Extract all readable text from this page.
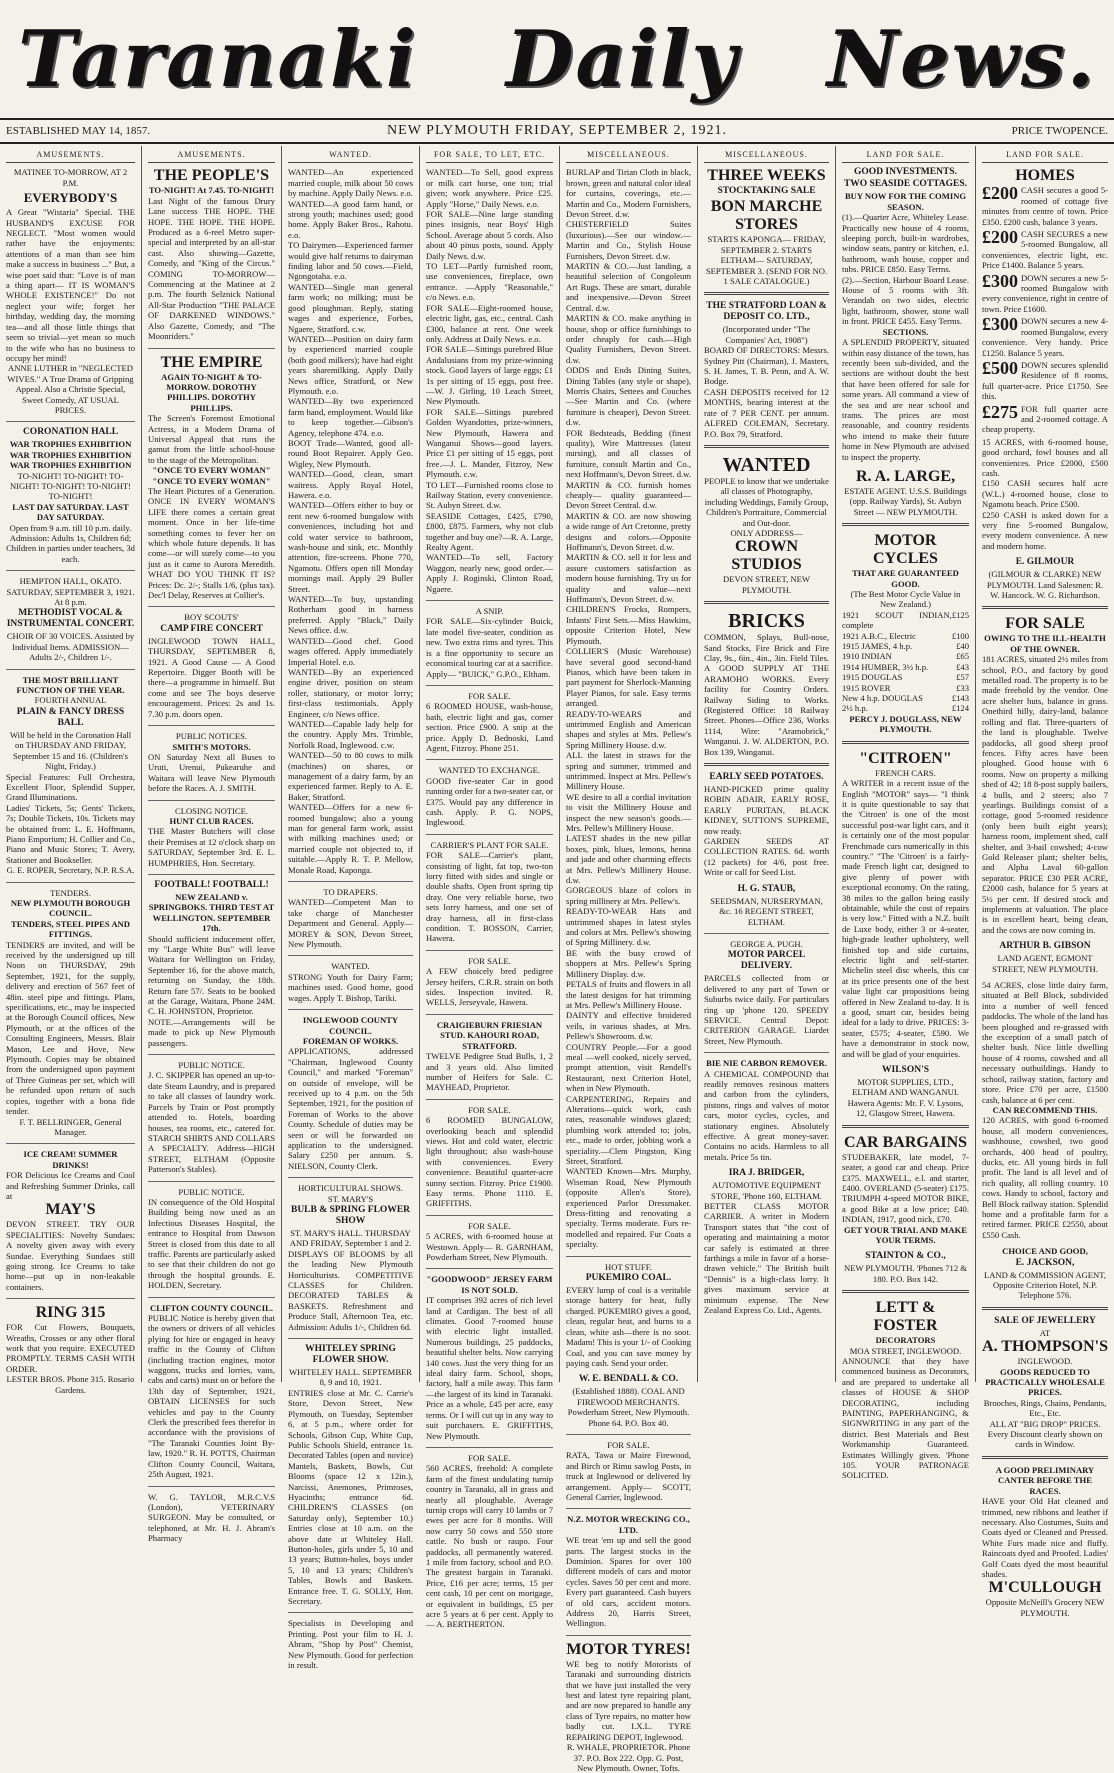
Taranaki Daily News.
ESTABLISHED MAY 14, 1857.	NEW PLYMOUTH FRIDAY, SEPTEMBER 2, 1921.	PRICE TWOPENCE.
AMUSEMENTS.
MATINEE TO-MORROW, AT 2 P.M.
EVERYBODY'S
A Great "Wistaria" Special. THE HUSBAND'S EXCUSE FOR NEGLECT. "Most women would rather have the enjoyments: attentions of a man than see him make a success in business ..." But, a wise poet said that: "Love is of man a thing apart— IT IS WOMAN'S WHOLE EXISTENCE!" Do not neglect your wife; forget her birthday, wedding day, the morning tea—and all those little things that seem so trivial—yet mean so much to the wife who has no business to occupy her mind!
ANNE LUTHER in "NEGLECTED WIVES." A True Drama of Gripping Appeal. Also a Christie Special, Sweet Comedy, AT USUAL PRICES.
CORONATION HALL
WAR TROPHIES EXHIBITION
WAR TROPHIES EXHIBITION
WAR TROPHIES EXHIBITION
TO-NIGHT! TO-NIGHT! TO-NIGHT! TO-NIGHT! TO-NIGHT! TO-NIGHT!
LAST DAY SATURDAY. LAST DAY SATURDAY.
Open from 9 a.m. till 10 p.m. daily. Admission: Adults 1s, Children 6d; Children in parties under teachers, 3d each.
HEMPTON HALL, OKATO. SATURDAY, SEPTEMBER 3, 1921. At 8 p.m.
METHODIST VOCAL & INSTRUMENTAL CONCERT.
CHOIR OF 30 VOICES. Assisted by Individual Items. ADMISSION—Adults 2/-, Children 1/-.
THE MOST BRILLIANT FUNCTION OF THE YEAR.
FOURTH ANNUAL
PLAIN & FANCY DRESS BALL
Will be held in the Coronation Hall on THURSDAY AND FRIDAY, September 15 and 16. (Children's Night, Friday.)
Special Features: Full Orchestra, Excellent Floor, Splendid Supper, Grand Illuminations.
Ladies' Tickets, 5s; Gents' Tickets, 7s; Double Tickets, 10s. Tickets may be obtained from: L. E. Hoffmann, Piano Emporium; H. Collier and Co., Piano and Music Stores; T. Avery, Stationer and Bookseller.
G. E. ROPER, Secretary, N.P. R.S.A.
TENDERS.
NEW PLYMOUTH BOROUGH COUNCIL.
TENDERS, STEEL PIPES AND FITTINGS.
TENDERS are invited, and will be received by the undersigned up till Noon on THURSDAY, 29th September, 1921, for the supply, delivery and erection of 567 feet of 48in. steel pipe and fittings. Plans, specifications, etc., may be inspected at the Borough Council offices, New Plymouth, or at the offices of the Consulting Engineers, Messrs. Blair Mason, Lee and Hove, New Plymouth. Copies may be obtained from the undersigned upon payment of Three Guineas per set, which will be refunded upon return of such copies, together with a bona fide tender.
F. T. BELLRINGER, General Manager.
ICE CREAM! SUMMER DRINKS!
FOR Delicious Ice Creams and Cool and Refreshing Summer Drinks, call at
MAY'S
DEVON STREET. TRY OUR SPECIALITIES: Novelty Sundaes: A novelty given away with every Sundae. Everything Sundaes still going strong. Ice Creams to take home—put up in non-leakable containers.
RING 315
FOR Cut Flowers, Bouquets, Wreaths, Crosses or any other floral work that you require. EXECUTED PROMPTLY. TERMS CASH WITH ORDER.
LESTER BROS. Phone 315. Rosario Gardens.
AMUSEMENTS.
THE PEOPLE'S
TO-NIGHT! At 7.45. TO-NIGHT!
Last Night of the famous Drury Lane success THE HOPE. THE HOPE. THE HOPE. THE HOPE. Produced as a 6-reel Metro super-special and interpreted by an all-star cast. Also showing—Gazette, Comedy, and "King of the Circus." COMING TO-MORROW—Commencing at the Matinee at 2 p.m. The fourth Selznick National All-Star Production "THE PALACE OF DARKENED WINDOWS." Also Gazette, Comedy, and "The Moonriders."
THE EMPIRE
AGAIN TO-NIGHT & TO-MORROW. DOROTHY PHILLIPS. DOROTHY PHILLIPS.
The Screen's Foremost Emotional Actress, in a Modern Drama of Universal Appeal that runs the gamut from the little school-house to the stage of the Metropolitan.
"ONCE TO EVERY WOMAN" "ONCE TO EVERY WOMAN"
The Heart Pictures of a Generation. ONCE IN EVERY WOMAN'S LIFE there comes a certain great moment. Once in her life-time something comes to fever her on which whole future depends. It has come—or will surely come—to you just as it came to Aurora Meredith. WHAT DO YOU THINK IT IS? Prices: Dc. 2/-; Stalls 1/6, (plus tax). Dec'l Delay, Reserves at Collier's.
BOY SCOUTS'
CAMP FIRE CONCERT
INGLEWOOD TOWN HALL, THURSDAY, SEPTEMBER 8, 1921. A Good Cause — A Good Repertoire. Digger Booth will be there—a programme in himself. But come and see The boys deserve encouragement. Prices: 2s and 1s. 7.30 p.m. doors open.
PUBLIC NOTICES.
SMITH'S MOTORS.
ON Saturday Next all Buses to Uruti, Urenui, Pukearuhe and Waitara will leave New Plymouth before the Races. A. J. SMITH.
CLOSING NOTICE.
HUNT CLUB RACES.
THE Master Butchers will close their Premises at 12 o'clock sharp on SATURDAY, September 3rd. E. L. HUMPHRIES, Hon. Secretary.
FOOTBALL! FOOTBALL!
NEW ZEALAND v. SPRINGBOKS. THIRD TEST AT WELLINGTON. SEPTEMBER 17th.
Should sufficient inducement offer, my "Large White Bus" will leave Waitara for Wellington on Friday, September 16, for the above match, returning on Sunday, the 18th. Return fare 57/. Seats to be booked at the Garage, Waitara, Phone 24M. C. H. JOHNSTON, Proprietor.
NOTE.—Arrangements will be made to pick up New Plymouth passengers.
PUBLIC NOTICE.
J. C. SKIPPER has opened an up-to-date Steam Laundry, and is prepared to take all classes of laundry work. Parcels by Train or Post promptly attended to. Hotels, boarding houses, tea rooms, etc., catered for. STARCH SHIRTS AND COLLARS A SPECIALTY. Address—HIGH STREET, ELTHAM (Opposite Patterson's Stables).
PUBLIC NOTICE.
IN consequence of the Old Hospital Building being now used as an Infectious Diseases Hospital, the entrance to Hospital from Dawson Street is closed from this date to all traffic. Parents are particularly asked to see that their children do not go through the hospital grounds. E. HOLDEN, Secretary.
CLIFTON COUNTY COUNCIL.
PUBLIC Notice is hereby given that the owners or drivers of all vehicles plying for hire or engaged in heavy traffic in the County of Clifton (including traction engines, motor waggons, trucks and lorries, vans, cabs and carts) must on or before the 13th day of September, 1921, OBTAIN LICENSES for such vehicles and pay to the County Clerk the prescribed fees therefor in accordance with the provisions of "The Taranaki Counties Joint By-law, 1920." R. H. POTTS, Chairman Clifton County Council, Waitara, 25th August, 1921.
W. G. TAYLOR, M.R.C.V.S (London), VETERINARY SURGEON. May be consulted, or telephoned, at Mr. H. J. Abram's Pharmacy
WANTED.
WANTED—An experienced married couple, milk about 50 cows by machine. Apply Daily News. e.o.
WANTED—A good farm hand, or strong youth; machines used; good home. Apply Baker Bros., Rahotu. e.o.
TO Dairymen—Experienced farmer would give half returns to dairyman finding labor and 50 cows.—Field, Ngongotaha. e.o.
WANTED—Single man general farm work; no milking; must be good ploughman. Reply, stating wages and experience, Forbes, Ngaere, Stratford. c.w.
WANTED—Position on dairy farm by experienced married couple (both good milkers); have had eight years sharemilking. Apply Daily News office, Stratford, or New Plymouth. e.o.
WANTED—By two experienced farm hand, employment. Would like to keep together.—Gibson's Agency, telephone 474. e.o.
BOOT Trade—Wanted, good all-round Boot Repairer. Apply Geo. Wigley, New Plymouth.
WANTED—Good, clean, smart waitress. Apply Royal Hotel, Hawera. e.o.
WANTED—Offers either to buy or rent new 6-roomed bungalow with conveniences, including hot and cold water service to bathroom, wash-house and sink, etc. Monthly attention, fire-screens. Phone 770, Ngamotu. Offers open till Monday mornings mail. Apply 29 Buller Street.
WANTED—To buy, upstanding Rotherham good in harness preferred. Apply "Black," Daily News office. d.w.
WANTED—Good chef. Good wages offered. Apply immediately Imperial Hotel. e.o.
WANTED—By an experienced engine driver, position on steam roller, stationary, or motor lorry; first-class testimonials. Apply Engineer, c/o News office.
WANTED—Capable lady help for the country. Apply Mrs. Trimble, Norfolk Road, Inglewood. c.w.
WANTED—50 to 80 cows to milk (machines) on shares, or management of a dairy farm, by an experienced farmer. Reply to A. E. Baker, Stratford.
WANTED—Offers for a new 6-roomed bungalow; also a young man for general farm work, assist with milking machines used; or married couple not objected to, if suitable.—Apply R. T. P. Mellow, Monale Road, Kaponga.
TO DRAPERS.
WANTED—Competent Man to take charge of Manchester Department and General. Apply— MOREY & SON, Devon Street, New Plymouth.
WANTED.
STRONG Youth for Dairy Farm; machines used. Good home, good wages. Apply T. Bishop, Tariki.
INGLEWOOD COUNTY COUNCIL.
FOREMAN OF WORKS.
APPLICATIONS, addressed "Chairman, Inglewood County Council," and marked "Foreman" on outside of envelope, will be received up to 4 p.m. on the 5th September, 1921, for the position of Foreman of Works to the above County. Schedule of duties may be seen or will be forwarded on application to the undersigned. Salary £250 per annum. S. NIELSON, County Clerk.
HORTICULTURAL SHOWS.
ST. MARY'S
BULB & SPRING FLOWER SHOW
ST. MARY'S HALL. THURSDAY AND FRIDAY, September 1 and 2.
DISPLAYS OF BLOOMS by all the leading New Plymouth Horticulturists. COMPETITIVE CLASSES for Children. DECORATED TABLES & BASKETS. Refreshment and Produce Stall, Afternoon Tea, etc. Admission: Adults 1/-, Children 6d.
WHITELEY SPRING FLOWER SHOW.
WHITELEY HALL. SEPTEMBER 8, 9 and 10, 1921.
ENTRIES close at Mr. C. Carrie's Store, Devon Street, New Plymouth, on Tuesday, September 6, at 5 p.m., where order for Schools, Gibson Cup, White Cup, Public Schools Shield, entrance 1s. Decorated Tables (open and novice) Mantels, Baskets, Bowls, Cut Blooms (space 12 x 12in.), Narcissi, Anemones, Primroses, Hyacinths; entrance 6d. CHILDREN'S CLASSES (on Saturday only), September 10.) Entries close at 10 a.m. on the above date at Whiteley Hall. Button-holes, girls under 5, 10 and 13 years; Button-holes, boys under 5, 10 and 13 years; Children's Tables, Bowls and Baskets. Entrance free. T. G. SOLLY, Hon. Secretary.
Specialists in Developing and Printing. Post your film to H. J. Abram, "Shop by Post" Chemist, New Plymouth. Good for perfection in result.
FOR SALE, TO LET, ETC.
WANTED—To Sell, good express or milk cart horse, one ton; trial given; work anywhere. Price £25. Apply "Horse," Daily News. e.o.
FOR SALE—Nine large standing pines insignis, near Boys' High School. Average about 5 cords. Also about 40 pinus posts, sound. Apply Daily News. d.w.
TO LET—Partly furnished room, use conveniences, fireplace, own entrance. —Apply "Reasonable," c/o News. e.o.
FOR SALE—Eight-roomed house, electric light, gas, etc., central. Cash £300, balance at rent. One week only. Address at Daily News. e.o.
FOR SALE—Sittings purebred Blue Andalusians from my prize-winning stock. Good layers of large eggs; £1 1s per sitting of 15 eggs, post free.—W. J. Girling, 10 Leach Street, New Plymouth.
FOR SALE—Sittings purebred Golden Wyandottes, prize-winners, New Plymouth, Hawera and Wanganui Shows—good layers. Price £1 per sitting of 15 eggs, post free.—J. L. Mander, Fitzroy, New Plymouth. c.w.
TO LET—Furnished rooms close to Railway Station, every convenience. St. Aubyn Street. d.w.
SEASIDE Cottages, £425, £790, £800, £875. Farmers, why not club together and buy one?—R. A. Large, Realty Agent.
WANTED—To sell, Factory Waggon, nearly new, good order.—Apply J. Roginski, Clinton Road, Ngaere.
A SNIP.
FOR SALE—Six-cylinder Buick, late model five-seater, condition as new. Two extra rims and tyres. This is a fine opportunity to secure an economical touring car at a sacrifice. Apply— "BUICK," G.P.O., Eltham.
FOR SALE.
6 ROOMED HOUSE, wash-house, bath, electric light and gas, corner section. Price £900. A snip at the price. Apply D. Bednoski, Land Agent, Fitzroy. Phone 251.
WANTED TO EXCHANGE.
GOOD five-seater Car in good running order for a two-seater car, or £375. Would pay any difference in cash. Apply. P. G. NOPS, Inglewood.
CARRIER'S PLANT FOR SALE.
FOR SALE—Carrier's plant, consisting of light, fat top, two-ton lorry fitted with sides and single or double shafts. Open front spring tip dray. One very reliable horse, two sets lorry harness, and one set of dray harness, all in first-class condition. T. BOSSON, Carrier, Hawera.
FOR SALE.
A FEW choicely bred pedigree Jersey heifers, C.R.R. strain on both sides. Inspection invited. R. WELLS, Jerseyvale, Hawera.
CRAIGIEBURN FRIESIAN STUD. KAHOURI ROAD, STRATFORD.
TWELVE Pedigree Stud Bulls, 1, 2 and 3 years old. Also limited number of Heifers for Sale. C. MAYHEAD, Proprietor.
FOR SALE.
6 ROOMED BUNGALOW, overlooking beach and splendid views. Hot and cold water, electric light throughout; also wash-house with conveniences. Every convenience. Beautiful quarter-acre sunny section. Fitzroy. Price £1900. Easy terms. Phone 1110. E. GRIFFITHS.
FOR SALE.
5 ACRES, with 6-roomed house at Westown. Apply— R. GARNHAM, Powderham Street, New Plymouth.
"GOODWOOD" JERSEY FARM IS NOT SOLD.
IT comprises 392 acres of rich level land at Cardigan. The best of all climates. Good 7-roomed house with electric light installed. Numerous buildings, 25 paddocks, beautiful shelter belts. Now carrying 140 cows. Just the very thing for an ideal dairy farm. School, shops, factory, half a mile away. This farm—the largest of its kind in Taranaki. Price as a whole, £45 per acre, easy terms. Or I will cut up in any way to suit purchasers. E. GRIFFITHS, New Plymouth.
FOR SALE.
560 ACRES, freehold: A complete farm of the finest undulating turnip country in Taranaki, all in grass and nearly all ploughable. Average turnip crops will carry 10 lambs or 7 ewes per acre for 8 months. Will now carry 50 cows and 550 store cattle. No bush or raupo. Four paddocks, all permanently watered. 1 mile from factory, school and P.O. The greatest bargain in Taranaki. Price, £16 per acre; terms, 15 per cent cash, 10 per cent on mortgage, or equivalent in buildings, £5 per acre 5 years at 6 per cent. Apply to— A. BERTHERTON.
MISCELLANEOUS.
BURLAP and Tirian Cloth in black, brown, green and natural color ideal for curtains, coverings, etc.—Martin and Co., Modern Furnishers, Devon Street. d.w.
CHESTERFIELD Suites (luxurious).—See our window.—Martin and Co., Stylish House Furnishers, Devon Street. d.w.
MARTIN & CO.—Just landing, a beautiful selection of Congoleum Art Rugs. These are smart, durable and inexpensive.—Devon Street Central. d.w.
MARTIN & CO. make anything in house, shop or office furnishings to order cheaply for cash.—High Quality Furnishers, Devon Street. d.w.
ODDS and Ends Dining Suites, Dining Tables (any style or shape), Morris Chairs, Settees and Couches—See Martin and Co. (where furniture is cheaper), Devon Street. d.w.
FOR Bedsteads, Bedding (finest quality), Wire Mattresses (latest nursing), and all classes of furniture, consult Martin and Co., next Hoffmann's, Devon Street. d.w.
MARTIN & CO. furnish homes cheaply— quality guaranteed—Devon Street Central. d.w.
MARTIN & CO. are now showing a wide range of Art Cretonne, pretty designs and colors.—Opposite Hoffmann's, Devon Street. d.w.
MARTIN & CO. sell it for less and assure customers satisfaction as modern house furnishing. Try us for quality and value—next Hoffmann's, Devon Street. d.w.
CHILDREN'S Frocks, Rompers, Infants' First Sets.—Miss Hawkins, opposite Criterion Hotel, New Plymouth.
COLLIER'S (Music Warehouse) have several good second-hand Pianos, which have been taken in part payment for Sherlock-Manning Player Pianos, for sale. Easy terms arranged.
READY-TO-WEARS and untrimmed English and American shapes and styles at Mrs. Pellew's Spring Millinery House. d.w.
ALL the latest in straws for the spring and summer, trimmed and untrimmed. Inspect at Mrs. Pellew's Millinery House.
WE desire to all a cordial invitation to visit the Millinery House and inspect the new season's goods.—Mrs. Pellew's Millinery House.
LATEST shades in the new pillar boxes, pink, blues, lemons, henna and jade and other charming effects at Mrs. Pellew's Millinery House. d.w.
GORGEOUS blaze of colors in spring millinery at Mrs. Pellew's.
READY-TO-WEAR Hats and untrimmed shapes in latest styles and colors at Mrs. Pellew's showing of Spring Millinery. d.w.
BE with the busy crowd of shoppers at Mrs. Pellew's Spring Millinery Display. d.w.
PETALS of fruits and flowers in all the latest designs for hat trimming at Mrs. Pellew's Millinery House.
DAINTY and effective broidered veils, in various shades, at Mrs. Pellew's Showroom. d.w.
COUNTRY People.—For a good meal —well cooked, nicely served, prompt attention, visit Rendell's Restaurant, next Criterion Hotel, when in New Plymouth.
CARPENTERING, Repairs and Alterations—quick work, cash rates, reasonable windows glazed; plumbing work attended to; jobs, etc., made to order, jobbing work a speciality.—Clem Pingston, King Street, Stratford.
WANTED Known—Mrs. Murphy, Wiseman Road, New Plymouth (opposite Allen's Store), experienced Parlor Dressmaker. Dress-fitting and renovating a specialty. Terms moderate. Furs re-modelled and repaired. Fur Coats a specialty.
HOT STUFF.
PUKEMIRO COAL.
EVERY lump of coal is a veritable storage battery for heat, fully charged. PUKEMIRO gives a good, clean, regular heat, and burns to a clean, white ash—there is no soot. Madam! This is your 1/- of Cooking Coal, and you can save money by paying cash. Send your order.
W. E. BENDALL & CO.
(Established 1888). COAL AND FIREWOOD MERCHANTS. Powderham Street, New Plymouth. Phone 64. P.O. Box 40.
FOR SALE.
RATA, Tawa or Maire Firewood, and Birch or Rimu sawlog Posts, in truck at Inglewood or delivered by arrangement. Apply— SCOTT, General Carrier, Inglewood.
N.Z. MOTOR WRECKING CO., LTD.
WE treat 'em up and sell the good parts. The largest stocks in the Dominion. Spares for over 100 different models of cars and motor cycles. Saves 50 per cent and more. Every part guaranteed. Cash buyers of old cars, accident motors. Address 20, Harris Street, Wellington.
MOTOR TYRES!
WE beg to notify Motorists of Taranaki and surrounding districts that we have just installed the very best and latest tyre repairing plant, and are now prepared to handle any class of Tyre repairs, no matter how badly cut. I.X.L. TYRE REPAIRING DEPOT, Inglewood.
R. WHALE, PROPRIETOR. Phone 37. P.O. Box 222. Opp. G. Post, New Plymouth. Owner, Tofts.
MISCELLANEOUS.
THREE WEEKS
STOCKTAKING SALE
BON MARCHE STORES
STARTS KAPONGA— FRIDAY, SEPTEMBER 2. STARTS ELTHAM— SATURDAY, SEPTEMBER 3. (SEND FOR NO. 1 SALE CATALOGUE.)
THE STRATFORD LOAN & DEPOSIT CO. LTD.,
(Incorporated under "The Companies' Act, 1908")
BOARD OF DIRECTORS: Messrs. Sydney Pitt (Chairman), J. Masters, S. H. James, T. B. Penn, and A. W. Bodge.
CASH DEPOSITS received for 12 MONTHS, bearing interest at the rate of 7 PER CENT. per annum. ALFRED COLEMAN, Secretary. P.O. Box 79, Stratford.
WANTED
PEOPLE to know that we undertake all classes of Photography, including Weddings, Family Group, Children's Portraiture, Commercial and Out-door.
ONLY ADDRESS—
CROWN STUDIOS
DEVON STREET, NEW PLYMOUTH.
BRICKS
COMMON, Splays, Bull-nose, Sand Stocks, Fire Brick and Fire Clay, 9s., 6in., 4in., 3in. Field Tiles. A GOOD SUPPLY AT THE ARAMOHO WORKS. Every facility for Country Orders. Railway Siding to Works. (Registered Office: 18 Railway Street. Phones—Office 236, Works 1114, Wire: "Aramobrick," Wanganui. J. W. ALDERTON, P.O. Box 139, Wanganui.
EARLY SEED POTATOES.
HAND-PICKED prime quality ROBIN ADAIR, EARLY ROSE, EARLY PURITAN, BLACK KIDNEY, SUTTON'S SUPREME, now ready.
GARDEN SEEDS AT COLLECTION RATES. 6d. worth (12 packets) for 4/6, post free. Write or call for Seed List.
H. G. STAUB,
SEEDSMAN, NURSERYMAN, &c. 16 REGENT STREET, ELTHAM.
GEORGE A. PUGH.
MOTOR PARCEL DELIVERY.
PARCELS collected from or delivered to any part of Town or Suburbs twice daily. For particulars ring up 'phone 120. SPEEDY SERVICE. Central Depot: CRITERION GARAGE. Liardet Street, New Plymouth.
BIE NIE CARBON REMOVER.
A CHEMICAL COMPOUND that readily removes resinous matters and carbon from the cylinders, pistons, rings and valves of motor cars, motor cycles, cycles, and stationary engines. Absolutely effective. A great money-saver. Contains no acids. Harmless to all metals. Price 5s tin.
IRA J. BRIDGER,
AUTOMOTIVE EQUIPMENT STORE, 'Phone 160, ELTHAM.
BETTER CLASS MOTOR CARRIER. A writer in Modern Transport states that "the cost of operating and maintaining a motor car safely is estimated at three farthings a mile in favor of a horse-drawn vehicle." The British built "Dennis" is a high-class lorry. It gives maximum service at minimum expense. The New Zealand Express Co. Ltd., Agents.
LAND FOR SALE.
GOOD INVESTMENTS.
TWO SEASIDE COTTAGES.
BUY NOW FOR THE COMING SEASON.
(1).—Quarter Acre, Whiteley Lease. Practically new house of 4 rooms, sleeping porch, built-in wardrobes, window seats, pantry or kitchen, e.l. bathroom, wash house, copper and tubs. PRICE £850. Easy Terms.
(2).—Section, Harbour Board Lease. House of 5 rooms with 3ft. Verandah on two sides, electric light, bathroom, shower, stone wall in front. PRICE £455. Easy Terms.
SECTIONS.
A SPLENDID PROPERTY, situated within easy distance of the town, has recently been sub-divided, and the sections are without doubt the best that have been offered for sale for some years. All command a view of the sea and are near school and trams. The prices are most reasonable, and country residents who intend to make their future home in New Plymouth are advised to inspect the property.
R. A. LARGE,
ESTATE AGENT. U.S.S. Buildings (opp. Railway Yards), St. Aubyn Street — NEW PLYMOUTH.
MOTOR CYCLES
THAT ARE GUARANTEED GOOD.
(The Best Motor Cycle Value in New Zealand.)
1921 SCOUT INDIAN, complete
£125
1921 A.B.C., Electric	£100
1915 JAMES, 4 h.p.	£40
1910 INDIAN	£65
1914 HUMBER, 3½ h.p.	£43
1915 DOUGLAS	£57
1915 ROVER	£33
New 4 h.p. DOUGLAS	£143
2½ h.p.	£124
PERCY J. DOUGLASS, NEW PLYMOUTH.
"CITROEN"
FRENCH CARS.
A WRITER in a recent issue of the English "MOTOR" says— "I think it is quite questionable to say that the 'Citroen' is one of the most successful post-war light cars, and it is certainly one of the most popular Frenchmade cars numerically in this country." "The 'Citroen' is a fairly-made French light car, designed to give plenty of power with exceptional economy. On the rating, 38 miles to the gallon being easily obtainable, while the cost of repairs is very low." Fitted with a N.Z. built de Luxe body, either 3 or 4-seater, high-grade leather upholstery, well finished top and side curtains, electric light and self-starter. Michelin steel disc wheels, this car at its price presents one of the best value light car propositions being offered in New Zealand to-day. It is a good, smart car, besides being ideal for a lady to drive. PRICES: 3-seater, £575; 4-seater, £590. We have a demonstrator in stock now, and will be glad of your enquiries.
WILSON'S
MOTOR SUPPLIES, LTD., ELTHAM AND WANGANUI.
Hawera Agents: Mr. F. V. Lysons, 12, Glasgow Street, Hawera.
CAR BARGAINS
STUDEBAKER, late model, 7-seater, a good car and cheap. Price £375. MAXWELL, e.l. and starter, £400. OVERLAND (5-seater) £175. TRIUMPH 4-speed MOTOR BIKE, a good Bike at a low price; £40. INDIAN, 1917, good nick, £70.
GET YOUR TRIAL AND MAKE YOUR TERMS.
STAINTON & CO.,
NEW PLYMOUTH. 'Phones 712 & 180. P.O. Box 142.
LETT & FOSTER
DECORATORS
MOA STREET, INGLEWOOD.
ANNOUNCE that they have commenced business as Decorators, and are prepared to undertake all classes of HOUSE & SHOP DECORATING, including PAINTING, PAPERHANGING, & SIGNWRITING in any part of the district. Best Materials and Best Workmanship Guaranteed. Estimates Willingly given. 'Phone 105. YOUR PATRONAGE SOLICITED.
LAND FOR SALE.
HOMES
£200 CASH secures a good 5-roomed of cottage five minutes from centre of town. Price £350. £200 cash, balance 3 years.
£200 CASH SECURES a new 5-roomed Bungalow, all conveniences, electric light, etc. Price £1400. Balance 5 years.
£300 DOWN secures a new 5-roomed Bungalow with every convenience, right in centre of town. Price £1600.
£300 DOWN secures a new 4-roomed Bungalow, every convenience. Very handy. Price £1250. Balance 5 years.
£500 DOWN secures splendid Residence of 8 rooms, full quarter-acre. Price £1750. See this.
£275 FOR full quarter acre and 2-roomed cottage. A cheap property.
15 ACRES, with 6-roomed house, good orchard, fowl houses and all conveniences. Price £2000, £500 cash.
£150 CASH secures half acre (W.L.) 4-roomed house, close to Ngamotu beach. Price £500.
£250 CASH is asked down for a very fine 5-roomed Bungalow, every modern convenience. A new and modern home.
E. GILMOUR
(GILMOUR & CLARKE) NEW PLYMOUTH. Land Salesmen: R. W. Hancock. W. G. Richardson.
FOR SALE
OWING TO THE ILL-HEALTH OF THE OWNER.
181 ACRES, situated 2½ miles from school, P.O., and factory by good metalled road. The property is to be made freehold by the vendor. One acre shelter huts, balance in grass. Onethird hilly, dairy-land, balance rolling and flat. Three-quarters of the land is ploughable. Twelve paddocks, all good sheep proof fences. Fifty acres have been ploughed. Good house with 6 rooms. Now on property a milking shed of 42; 18 8-post supply bailers, 4 bulls, and 2 steers; also 7 yearlings. Buildings consist of a cottage, good 5-roomed residence (only been built eight years); harness room, implement shed, calf shelter, and 3-bail cowshed; 4-cow Gold Releaser plant; shelter belts, and Alpha Laval 60-gallon separator. PRICE £30 PER ACRE, £2000 cash, balance for 5 years at 5½ per cent. If desired stock and implements at valuation. The place is in excellent heart, being clean, and the cows are now coming in.
ARTHUR B. GIBSON
LAND AGENT, EGMONT STREET, NEW PLYMOUTH.
54 ACRES, close little dairy farm, situated at Bell Block, subdivided into a number of well fenced paddocks. The whole of the land has been ploughed and re-grassed with the exception of a small patch of shelter bush. Nice little dwelling house of 4 rooms, cowshed and all necessary outbuildings. Handy to school, railway station, factory and store. Price £70 per acre, £1500 cash, balance at 6 per cent.
CAN RECOMMEND THIS.
120 ACRES, with good 6-roomed house, all modern conveniences, washhouse, cowshed, two good orchards, 400 head of poultry, ducks, etc. All young birds in full profit. The land is all level and of rich quality, all rolling country. 10 cows. Handy to school, factory and Bell Block railway station. Splendid home and a profitable farm for a retired farmer. PRICE £2550, about £550 Cash.
CHOICE AND GOOD,
E. JACKSON,
LAND & COMMISSION AGENT, Opposite Criterion Hotel, N.P. Telephone 576.
SALE OF JEWELLERY
AT
A. THOMPSON'S
INGLEWOOD.
GOODS REDUCED TO PRACTICALLY WHOLESALE PRICES.
Brooches, Rings, Chains, Pendants, Etc., Etc.
ALL AT "BIG DROP" PRICES. Every Discount clearly shown on cards in Window.
A GOOD PRELIMINARY CANTER BEFORE THE RACES.
HAVE your Old Hat cleaned and trimmed, new ribbons and leather if necessary. Also Costumes, Suits and Coats dyed or Cleaned and Pressed. White Furs made nice and fluffy. Raincoats dyed and Proofed. Ladies' Golf Coats dyed the most beautiful shades.
M'CULLOUGH
Opposite McNeill's Grocery NEW PLYMOUTH.
